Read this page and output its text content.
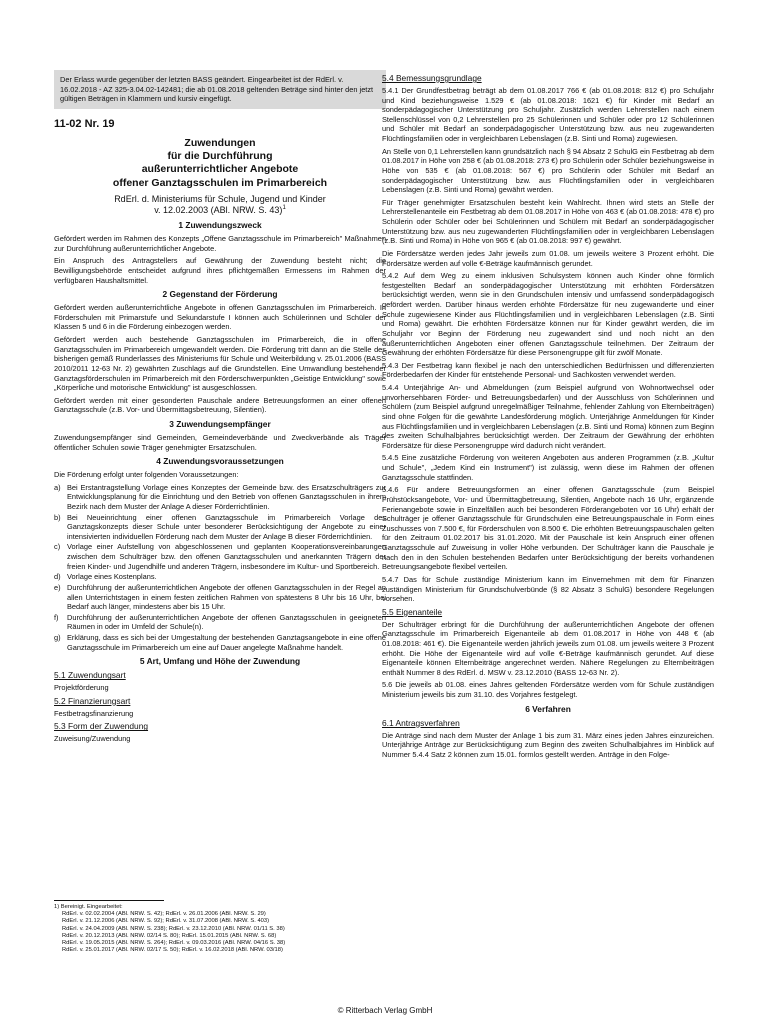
Der Erlass wurde gegenüber der letzten BASS geändert. Eingearbeitet ist der RdErl. v. 16.02.2018 - AZ 325-3.04.02-142481; die ab 01.08.2018 geltenden Beträge sind hinter den jetzt gültigen Beträgen in Klammern und kursiv eingefügt.

11-02 Nr. 19
Zuwendungen
für die Durchführung
außerunterrichtlicher Angebote
offener Ganztagsschulen im Primarbereich
RdErl. d. Ministeriums für Schule, Jugend und Kinder
v. 12.02.2003 (ABl. NRW. S. 43)$^1$
1 Zuwendungszweck

Gefördert werden im Rahmen des Konzepts „Offene Ganztagsschule im Primarbereich" Maßnahmen zur Durchführung außerunterrichtlicher Angebote.

Ein Anspruch des Antragstellers auf Gewährung der Zuwendung besteht nicht; die Bewilligungsbehörde entscheidet aufgrund ihres pflichtgemäßen Ermessens im Rahmen der verfügbaren Haushaltsmittel.

2 Gegenstand der Förderung

Gefördert werden außerunterrichtliche Angebote in offenen Ganztagsschulen im Primarbereich. In Förderschulen mit Primarstufe und Sekundarstufe I können auch Schülerinnen und Schüler der Klassen 5 und 6 in die Förderung einbezogen werden.

Gefördert werden auch bestehende Ganztagsschulen im Primarbereich, die in offene Ganztagsschulen im Primarbereich umgewandelt werden. Die Förderung tritt dann an die Stelle des bisherigen gemäß Runderlasses des Ministeriums für Schule und Weiterbildung v. 25.01.2006 (BASS 2010/2011 12-63 Nr. 2) gewährten Zuschlags auf die Grundstellen. Eine Umwandlung bestehender Ganztagsförderschulen im Primarbereich mit den Förderschwerpunkten „Geistige Entwicklung" sowie „Körperliche und motorische Entwicklung" ist ausgeschlossen.

Gefördert werden mit einer gesonderten Pauschale andere Betreuungsformen an einer offenen Ganztagsschule (z.B. Vor- und Übermittagsbetreuung, Silentien).

3 Zuwendungsempfänger

Zuwendungsempfänger sind Gemeinden, Gemeindeverbände und Zweckverbände als Träger öffentlicher Schulen sowie Träger genehmigter Ersatzschulen.

4 Zuwendungsvoraussetzungen

Die Förderung erfolgt unter folgenden Voraussetzungen:

a) Bei Erstantragstellung Vorlage eines Konzeptes der Gemeinde bzw. des Ersatzschulträgers zur Entwicklungsplanung für die Einrichtung und den Betrieb von offenen Ganztagsschulen in ihrem Bezirk nach dem Muster der Anlage A dieser Förderrichtlinien.
b) Bei Neueinrichtung einer offenen Ganztagsschule im Primarbereich Vorlage des Ganztagskonzepts dieser Schule unter besonderer Berücksichtigung der Angebote zu einer intensivierten individuellen Förderung nach dem Muster der Anlage B dieser Förderrichtlinien.
c) Vorlage einer Aufstellung von abgeschlossenen und geplanten Kooperationsvereinbarungen zwischen dem Schulträger bzw. den offenen Ganztagsschulen und anerkannten Trägern der freien Kinder- und Jugendhilfe und anderen Trägern, insbesondere im Kultur- und Sportbereich.
d) Vorlage eines Kostenplans.
e) Durchführung der außerunterrichtlichen Angebote der offenen Ganztagsschulen in der Regel an allen Unterrichtstagen in einem festen zeitlichen Rahmen von spätestens 8 Uhr bis 16 Uhr, bei Bedarf auch länger, mindestens aber bis 15 Uhr.
f)	Durchführung der außerunterrichtlichen Angebote der offenen Ganztagsschulen in geeigneten Räumen in oder im Umfeld der Schule(n).
g) Erklärung, dass es sich bei der Umgestaltung der bestehenden Ganztagsangebote in eine offene Ganztagsschule im Primarbereich um eine auf Dauer angelegte Maßnahme handelt.
5 Art, Umfang und Höhe der Zuwendung
5.1 Zuwendungsart

Projektförderung

5.2 Finanzierungsart

Festbetragsfinanzierung

5.3 Form der Zuwendung

Zuweisung/Zuwendung

1) Bereinigt. Eingearbeitet:
RdErl. v. 02.02.2004 (ABl. NRW. S. 42); RdErl. v. 26.01.2006 (ABl. NRW. S. 29)
RdErl. v. 21.12.2006 (ABl. NRW. S. 92); RdErl. v. 31.07.2008 (ABl. NRW. S. 403)
RdErl. v. 24.04.2009 (ABl. NRW. S. 238); RdErl. v. 23.12.2010 (ABl. NRW. 01/11 S. 38)
RdErl. v. 20.12.2013 (ABl. NRW. 02/14 S. 80); RdErl. 15.01.2015 (ABl. NRW. S. 68)
RdErl. v. 19.05.2015 (ABl. NRW. S. 264); RdErl. v. 09.03.2016 (ABl. NRW. 04/16 S. 38)
RdErl. v. 25.01.2017 (ABl. NRW. 02/17 S. 50); RdErl. v. 16.02.2018 (ABl. NRW. 03/18)
5.4 Bemessungsgrundlage

5.4.1 Der Grundfestbetrag beträgt ab dem 01.08.2017 766 € (ab 01.08.2018: 812 €) pro Schuljahr und Kind beziehungsweise 1.529 € (ab 01.08.2018: 1621 €) für Kinder mit Bedarf an sonderpädagogischer Unterstützung pro Schuljahr. Zusätzlich werden Lehrerstellen nach einem Stellenschlüssel von 0,2 Lehrerstellen pro 25 Schülerinnen und Schüler oder pro 12 Schülerinnen und Schüler mit Bedarf an sonderpädagogischer Unterstützung bzw. aus neu zugewanderten Flüchtlingsfamilien oder in vergleichbaren Lebenslagen (z.B. Sinti und Roma) zugewiesen.

An Stelle von 0,1 Lehrerstellen kann grundsätzlich nach § 94 Absatz 2 SchulG ein Festbetrag ab dem 01.08.2017 in Höhe von 258 € (ab 01.08.2018: 273 €) pro Schülerin oder Schüler beziehungsweise in Höhe von 535 € (ab 01.08.2018: 567 €) pro Schülerin oder Schüler mit Bedarf an sonderpädagogischer Unterstützung bzw. aus Flüchtlingsfamilien oder in vergleichbaren Lebenslagen (z.B. Sinti und Roma) gewährt werden.

Für Träger genehmigter Ersatzschulen besteht kein Wahlrecht. Ihnen wird stets an Stelle der Lehrerstellenanteile ein Festbetrag ab dem 01.08.2017 in Höhe von 463 € (ab 01.08.2018: 478 €) pro Schülerin oder Schüler oder bei Schülerinnen und Schülern mit Bedarf an sonderpädagogischer Unterstützung bzw. aus neu zugewanderten Flüchtlingsfamilien oder in vergleichbaren Lebenslagen (z.B. Sinti und Roma) in Höhe von 965 € (ab 01.08.2018: 997 €) gewährt.

Die Fördersätze werden jedes Jahr jeweils zum 01.08. um jeweils weitere 3 Prozent erhöht. Die Fördersätze werden auf volle €-Beträge kaufmännisch gerundet.

5.4.2 Auf dem Weg zu einem inklusiven Schulsystem können auch Kinder ohne förmlich festgestellten Bedarf an sonderpädagogischer Unterstützung mit erhöhten Fördersätzen berücksichtigt werden, wenn sie in den Grundschulen intensiv und umfassend sonderpädagogisch gefördert werden. Darüber hinaus werden erhöhte Fördersätze für neu zugewanderte und einer Schule zugewiesene Kinder aus Flüchtlingsfamilien und in vergleichbaren Lebenslagen (z.B. Sinti und Roma) gewährt. Die erhöhten Fördersätze können nur für Kinder gewährt werden, die im Schuljahr vor Beginn der Förderung neu zugewandert sind und noch nicht an den außerunterrichtlichen Angeboten einer offenen Ganztagsschule teilnehmen. Der Zeitraum der Gewährung der erhöhten Fördersätze für diese Personengruppe gilt für zwölf Monate.

5.4.3 Der Festbetrag kann flexibel je nach den unterschiedlichen Bedürfnissen und differenzierten Förderbedarfen der Kinder für entstehende Personal- und Sachkosten verwendet werden.

5.4.4 Unterjährige An- und Abmeldungen (zum Beispiel aufgrund von Wohnortwechsel oder unvorhersehbaren Förder- und Betreuungsbedarfen) und der Ausschluss von Schülerinnen und Schülern (zum Beispiel aufgrund unregelmäßiger Teilnahme, fehlender Zahlung von Elternbeiträgen) sind ohne Folgen für die gewährte Landesförderung möglich. Unterjährige Anmeldungen für Kinder aus Flüchtlingsfamilien und in vergleichbaren Lebenslagen (z.B. Sinti und Roma) können zum Beginn des zweiten Schulhalbjahres berücksichtigt werden. Der Zeitraum der Gewährung der erhöhten Fördersätze für diese Personengruppe wird dadurch nicht verändert.

5.4.5 Eine zusätzliche Förderung von weiteren Angeboten aus anderen Programmen (z.B. „Kultur und Schule", „Jedem Kind ein Instrument") ist zulässig, wenn diese im Rahmen der offenen Ganztagsschule stattfinden.

5.4.6 Für andere Betreuungsformen an einer offenen Ganztagsschule (zum Beispiel Frühstücksangebote, Vor- und Übermittagbetreuung, Silentien, Angebote nach 16 Uhr, ergänzende Ferienangebote sowie in Einzelfällen auch bei besonderen Förderangeboten vor 16 Uhr) erhält der Schulträger je offener Ganztagsschule für Grundschulen eine Betreuungspauschale in Form eines Zuschusses von 7.500 €, für Förderschulen von 8.500 €. Die erhöhten Betreuungspauschalen gelten für den Zeitraum 01.02.2017 bis 31.01.2020. Mit der Pauschale ist kein Anspruch einer offenen Ganztagsschule auf Zuweisung in voller Höhe verbunden. Der Schulträger kann die Pauschale je nach den in den Schulen bestehenden Bedarfen unter Berücksichtigung der bereits vorhandenen Betreuungsangebote flexibel verteilen.

5.4.7 Das für Schule zuständige Ministerium kann im Einvernehmen mit dem für Finanzen zuständigen Ministerium für Grundschulverbünde (§ 82 Absatz 3 SchulG) besondere Regelungen vorsehen.

5.5 Eigenanteile

Der Schulträger erbringt für die Durchführung der außerunterrichtlichen Angebote der offenen Ganztagsschule im Primarbereich Eigenanteile ab dem 01.08.2017 in Höhe von 448 € (ab 01.08.2018: 461 €). Die Eigenanteile werden jährlich jeweils zum 01.08. um jeweils weitere 3 Prozent erhöht. Die Höhe der Eigenanteile wird auf volle €-Beträge kaufmännisch gerundet. Auf diese Eigenanteile können Elternbeiträge angerechnet werden. Nähere Regelungen zu Elternbeiträgen enthält Nummer 8 des RdErl. d. MSW v. 23.12.2010 (BASS 12-63 Nr. 2).

5.6 Die jeweils ab 01.08. eines Jahres geltenden Fördersätze werden vom für Schule zuständigen Ministerium jeweils bis zum 31.10. des Vorjahres festgelegt.

6 Verfahren
6.1 Antragsverfahren

Die Anträge sind nach dem Muster der Anlage 1 bis zum 31. März eines jeden Jahres einzureichen. Unterjährige Anträge zur Berücksichtigung zum Beginn des zweiten Schulhalbjahres im Hinblick auf Nummer 5.4.4 Satz 2 können zum 15.01. formlos gestellt werden. Anträge in den Folge-

© Ritterbach Verlag GmbH
